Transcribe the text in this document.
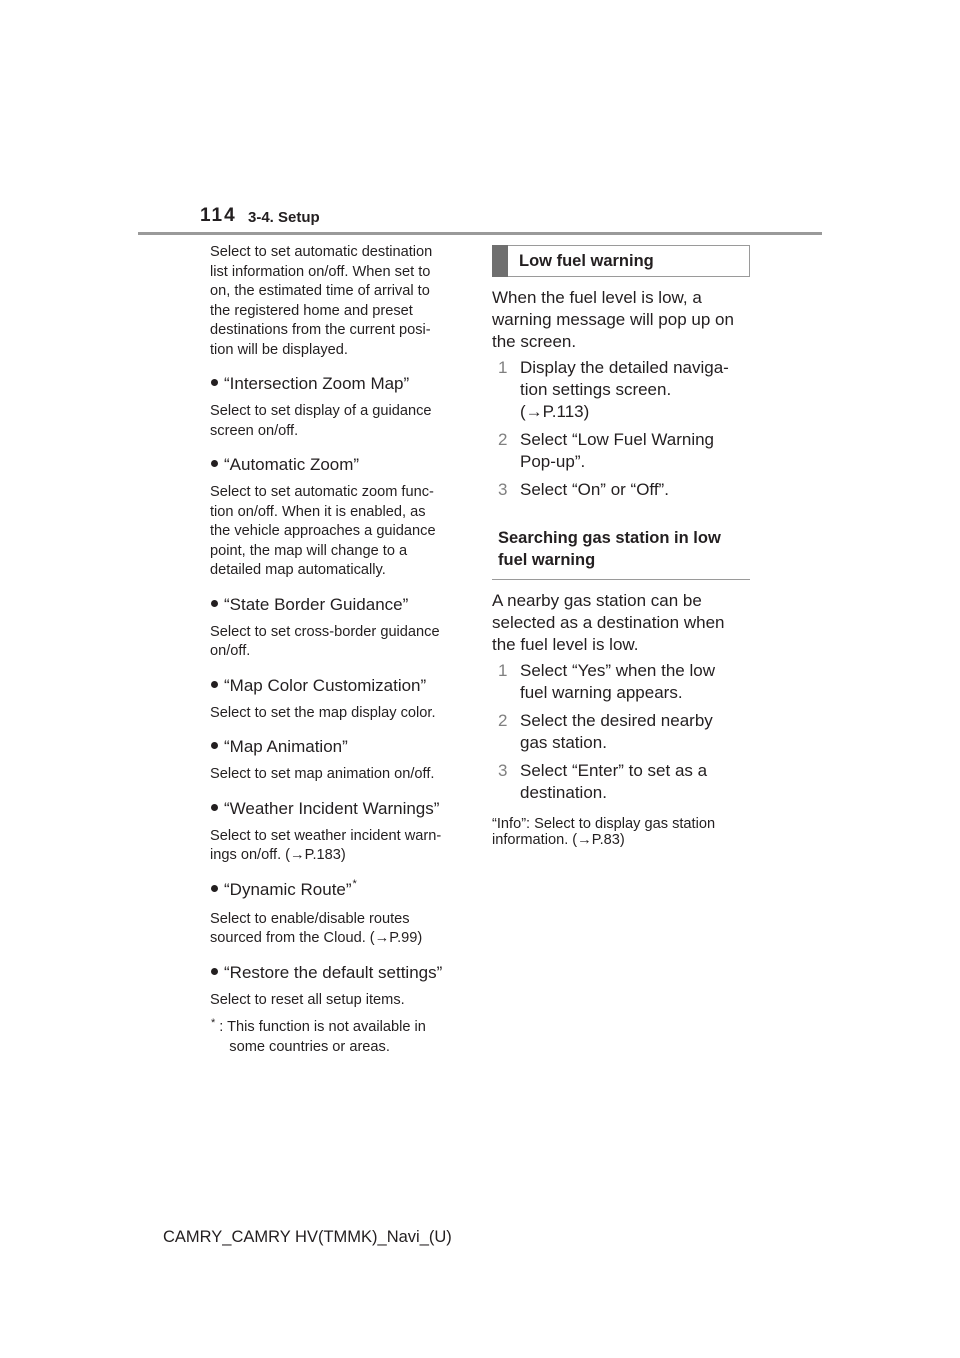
114 3-4. Setup

Select to set automatic destination
list information on/off. When set to
on, the estimated time of arrival to
the registered home and preset
destinations from the current posi-
tion will be displayed.

“Intersection Zoom Map”

Select to set display of a guidance
screen on/off.

“Automatic Zoom”

Select to set automatic zoom func-
tion on/off. When it is enabled, as
the vehicle approaches a guidance
point, the map will change to a
detailed map automatically.

“State Border Guidance”

Select to set cross-border guidance
on/off.

“Map Color Customization”

Select to set the map display color.

“Map Animation”

Select to set map animation on/off.

“Weather Incident Warnings”

Select to set weather incident warn-
ings on/off. (→P.183)

“Dynamic Route” *

Select to enable/disable routes
sourced from the Cloud. (→P.99)

“Restore the default settings”

Select to reset all setup items.

* : This function is not available in
some countries or areas.
Low fuel warning

When the fuel level is low, a
warning message will pop up on
the screen.

1 Display the detailed naviga-
tion settings screen.
(→P.113)
2 Select “Low Fuel Warning
Pop-up”.
3 Select “On” or “Off”.
Searching gas station in low
fuel warning

A nearby gas station can be
selected as a destination when
the fuel level is low.

1 Select “Yes” when the low
fuel warning appears.
2 Select the desired nearby
gas station.
3 Select “Enter” to set as a
destination.

“Info”: Select to display gas station
information. (→P.83)

CAMRY_CAMRY HV(TMMK)_Navi_(U)
